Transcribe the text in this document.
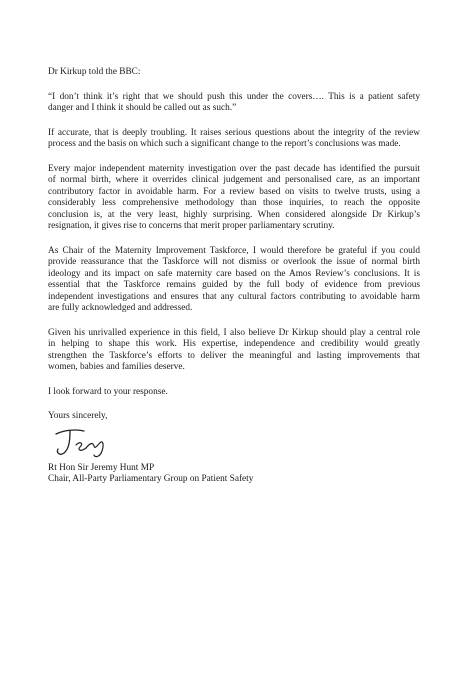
Dr Kirkup told the BBC:

“I don’t think it’s right that we should push this under the covers…. This is a patient safety
danger and I think it should be called out as such.”

If accurate, that is deeply troubling. It raises serious questions about the integrity of the review
process and the basis on which such a significant change to the report’s conclusions was made.

Every major independent maternity investigation over the past decade has identified the pursuit
of normal birth, where it overrides clinical judgement and personalised care, as an important
contributory factor in avoidable harm. For a review based on visits to twelve trusts, using a
considerably less comprehensive methodology than those inquiries, to reach the opposite
conclusion is, at the very least, highly surprising. When considered alongside Dr Kirkup’s
resignation, it gives rise to concerns that merit proper parliamentary scrutiny.

As Chair of the Maternity Improvement Taskforce, I would therefore be grateful if you could
provide reassurance that the Taskforce will not dismiss or overlook the issue of normal birth
ideology and its impact on safe maternity care based on the Amos Review’s conclusions. It is
essential that the Taskforce remains guided by the full body of evidence from previous
independent investigations and ensures that any cultural factors contributing to avoidable harm
are fully acknowledged and addressed.

Given his unrivalled experience in this field, I also believe Dr Kirkup should play a central role
in helping to shape this work. His expertise, independence and credibility would greatly
strengthen the Taskforce’s efforts to deliver the meaningful and lasting improvements that
women, babies and families deserve.

I look forward to your response.

Yours sincerely,
Rt Hon Sir Jeremy Hunt MP
Chair, All-Party Parliamentary Group on Patient Safety
